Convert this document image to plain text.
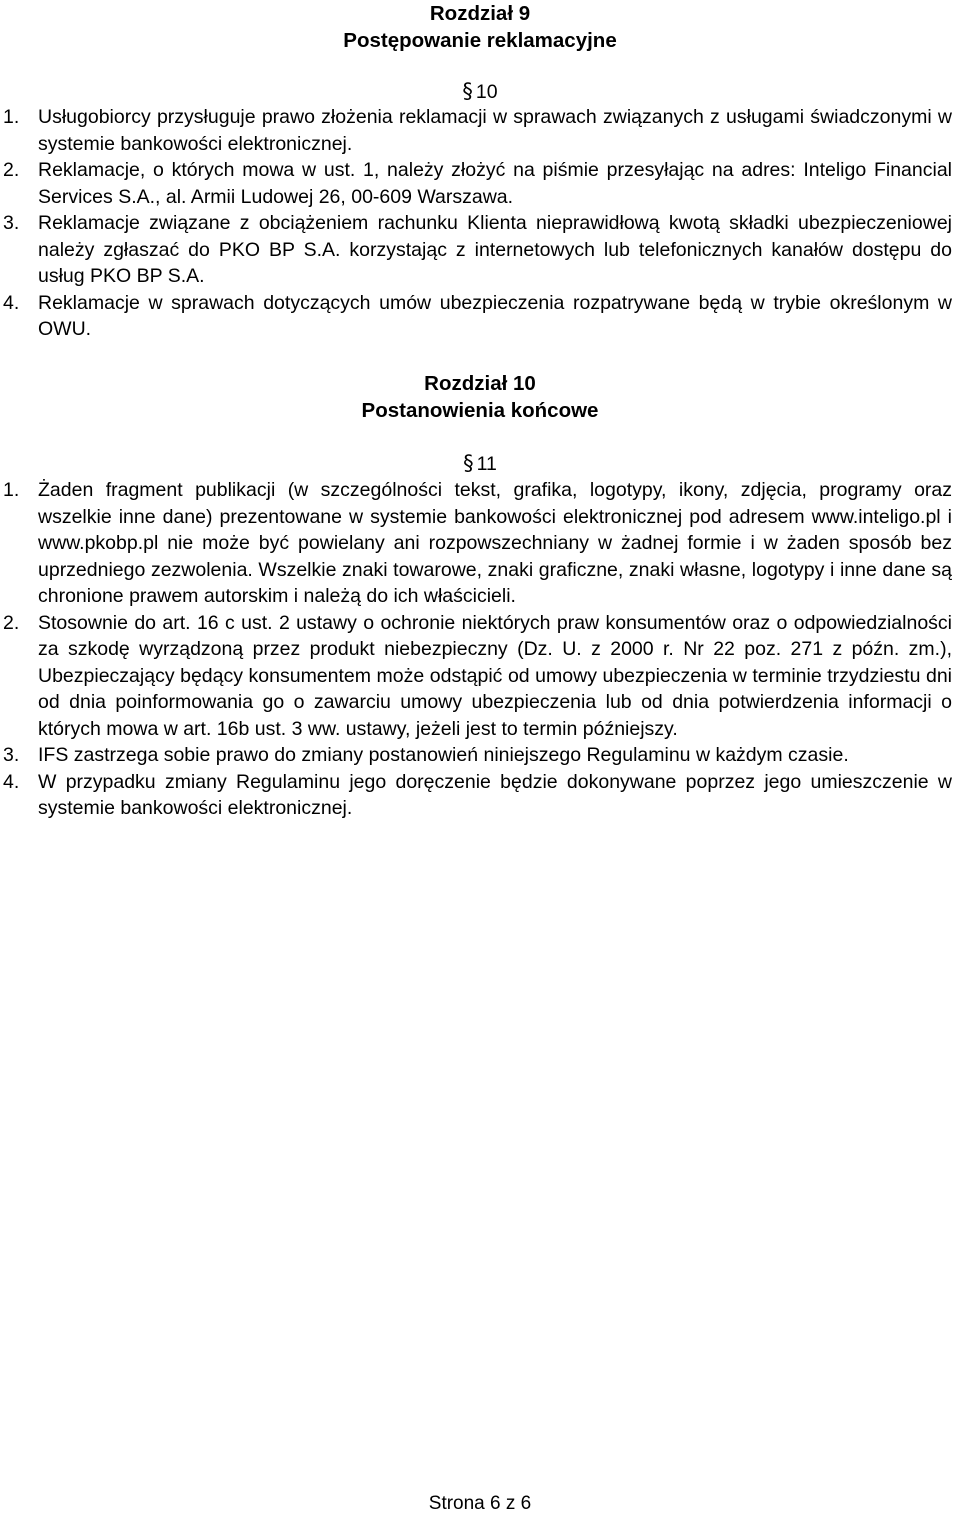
Rozdział 9
Postępowanie reklamacyjne
§ 10
1. Usługobiorcy przysługuje prawo złożenia reklamacji w sprawach związanych z usługami świadczonymi w systemie bankowości elektronicznej.
2. Reklamacje, o których mowa w ust. 1, należy złożyć na piśmie przesyłając na adres: Inteligo Financial Services S.A., al. Armii Ludowej 26, 00-609 Warszawa.
3. Reklamacje związane z obciążeniem rachunku Klienta nieprawidłową kwotą składki ubezpieczeniowej należy zgłaszać do PKO BP S.A. korzystając z internetowych lub telefonicznych kanałów dostępu do usług PKO BP S.A.
4. Reklamacje w sprawach dotyczących umów ubezpieczenia rozpatrywane będą w trybie określonym w OWU.
Rozdział 10
Postanowienia końcowe
§ 11
1. Żaden fragment publikacji (w szczególności tekst, grafika, logotypy, ikony, zdjęcia, programy oraz wszelkie inne dane) prezentowane w systemie bankowości elektronicznej pod adresem www.inteligo.pl i www.pkobp.pl nie może być powielany ani rozpowszechniany w żadnej formie i w żaden sposób bez uprzedniego zezwolenia. Wszelkie znaki towarowe, znaki graficzne, znaki własne, logotypy i inne dane są chronione prawem autorskim i należą do ich właścicieli.
2. Stosownie do art. 16 c ust. 2 ustawy o ochronie niektórych praw konsumentów oraz o odpowiedzialności za szkodę wyrządzoną przez produkt niebezpieczny (Dz. U. z 2000 r. Nr 22 poz. 271 z późn. zm.), Ubezpieczający będący konsumentem może odstąpić od umowy ubezpieczenia w terminie trzydziestu dni od dnia poinformowania go o zawarciu umowy ubezpieczenia lub od dnia potwierdzenia informacji o których mowa w art. 16b ust. 3 ww. ustawy, jeżeli jest to termin późniejszy.
3. IFS zastrzega sobie prawo do zmiany postanowień niniejszego Regulaminu w każdym czasie.
4. W przypadku zmiany Regulaminu jego doręczenie będzie dokonywane poprzez jego umieszczenie w systemie bankowości elektronicznej.
Strona 6 z 6
